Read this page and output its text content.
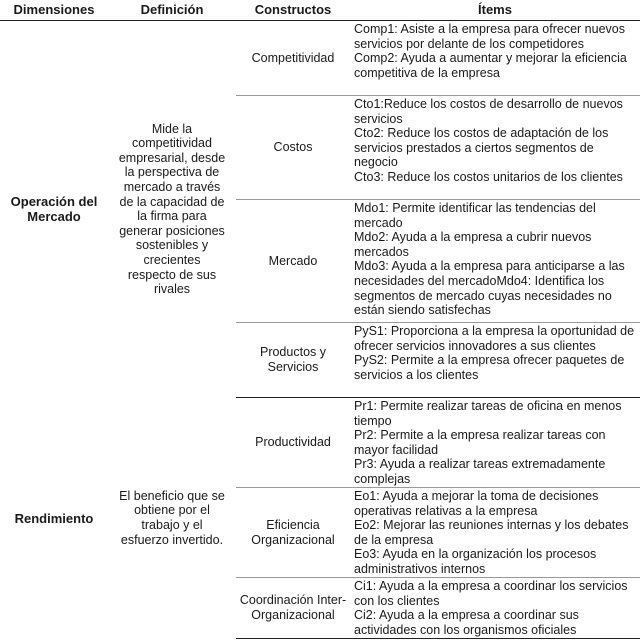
Dimensiones	Definición	Constructos	Ítems
Operación del Mercado	Mide la competitividad empresarial, desde la perspectiva de mercado a través de la capacidad de la firma para generar posiciones sostenibles y crecientes respecto de sus rivales	Competitividad	Comp1: Asiste a la empresa para ofrecer nuevos servicios por delante de los competidores
Comp2: Ayuda a aumentar y mejorar la eficiencia competitiva de la empresa

		Costos	Cto1:Reduce los costos de desarrollo de nuevos servicios
Cto2: Reduce los costos de adaptación de los servicios prestados a ciertos segmentos de negocio
Cto3: Reduce los costos unitarios de los clientes

		Mercado	Mdo1: Permite identificar las tendencias del mercado
Mdo2: Ayuda a la empresa a cubrir nuevos mercados
Mdo3: Ayuda a la empresa para anticiparse a las necesidades del mercadoMdo4: Identifica los segmentos de mercado cuyas necesidades no están siendo satisfechas

		Productos y Servicios	PyS1: Proporciona a la empresa la oportunidad de ofrecer servicios innovadores a sus clientes
PyS2: Permite a la empresa ofrecer paquetes de servicios a los clientes

Rendimiento	El beneficio que se obtiene por el trabajo y el esfuerzo invertido.	Productividad	Pr1: Permite realizar tareas de oficina en menos tiempo
Pr2: Permite a la empresa realizar tareas con mayor facilidad
Pr3: Ayuda a realizar tareas extremadamente complejas

		Eficiencia Organizacional	Eo1: Ayuda a mejorar la toma de decisiones operativas relativas a la empresa
Eo2: Mejorar las reuniones internas y los debates de la empresa
Eo3: Ayuda en la organización los procesos administrativos internos

		Coordinación Inter-Organizacional	Ci1: Ayuda a la empresa a coordinar los servicios con los clientes
Ci2: Ayuda a la empresa a coordinar sus actividades con los organismos oficiales
